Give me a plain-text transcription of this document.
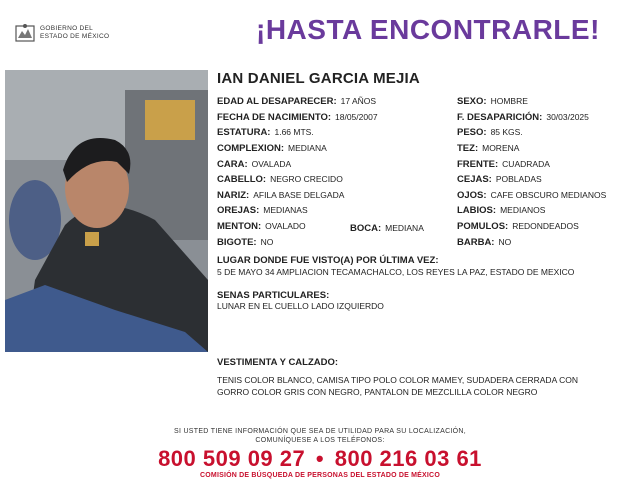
GOBIERNO DEL
ESTADO DE MÉXICO	¡HASTA ENCONTRARLE!
IAN DANIEL GARCIA MEJIA
EDAD AL DESAPARECER: 17 AÑOS
FECHA DE NACIMIENTO: 18/05/2007
ESTATURA: 1.66 MTS.
COMPLEXION: MEDIANA
CARA: OVALADA
CABELLO: NEGRO CRECIDO
NARIZ: AFILA BASE DELGADA
OREJAS: MEDIANAS
MENTON: OVALADO	BOCA: MEDIANA
BIGOTE: NO
SEXO: HOMBRE
F. DESAPARICIÓN: 30/03/2025
PESO: 85 KGS.
TEZ: MORENA
FRENTE: CUADRADA
CEJAS: POBLADAS
OJOS: CAFE OBSCURO MEDIANOS
LABIOS: MEDIANOS
POMULOS: REDONDEADOS
BARBA: NO
LUGAR DONDE FUE VISTO(A) POR ÚLTIMA VEZ:
5 DE MAYO 34 AMPLIACION TECAMACHALCO, LOS REYES LA PAZ, ESTADO DE MEXICO
SENAS PARTICULARES:
LUNAR EN EL CUELLO LADO IZQUIERDO
VESTIMENTA Y CALZADO:
TENIS COLOR BLANCO, CAMISA TIPO POLO COLOR MAMEY, SUDADERA CERRADA CON
GORRO COLOR GRIS CON NEGRO, PANTALON DE MEZCLILLA COLOR NEGRO
SI USTED TIENE INFORMACIÓN QUE SEA DE UTILIDAD PARA SU LOCALIZACIÓN,
COMUNÍQUESE A LOS TELÉFONOS:
800 509 09 27 • 800 216 03 61
COMISIÓN DE BÚSQUEDA DE PERSONAS DEL ESTADO DE MÉXICO
